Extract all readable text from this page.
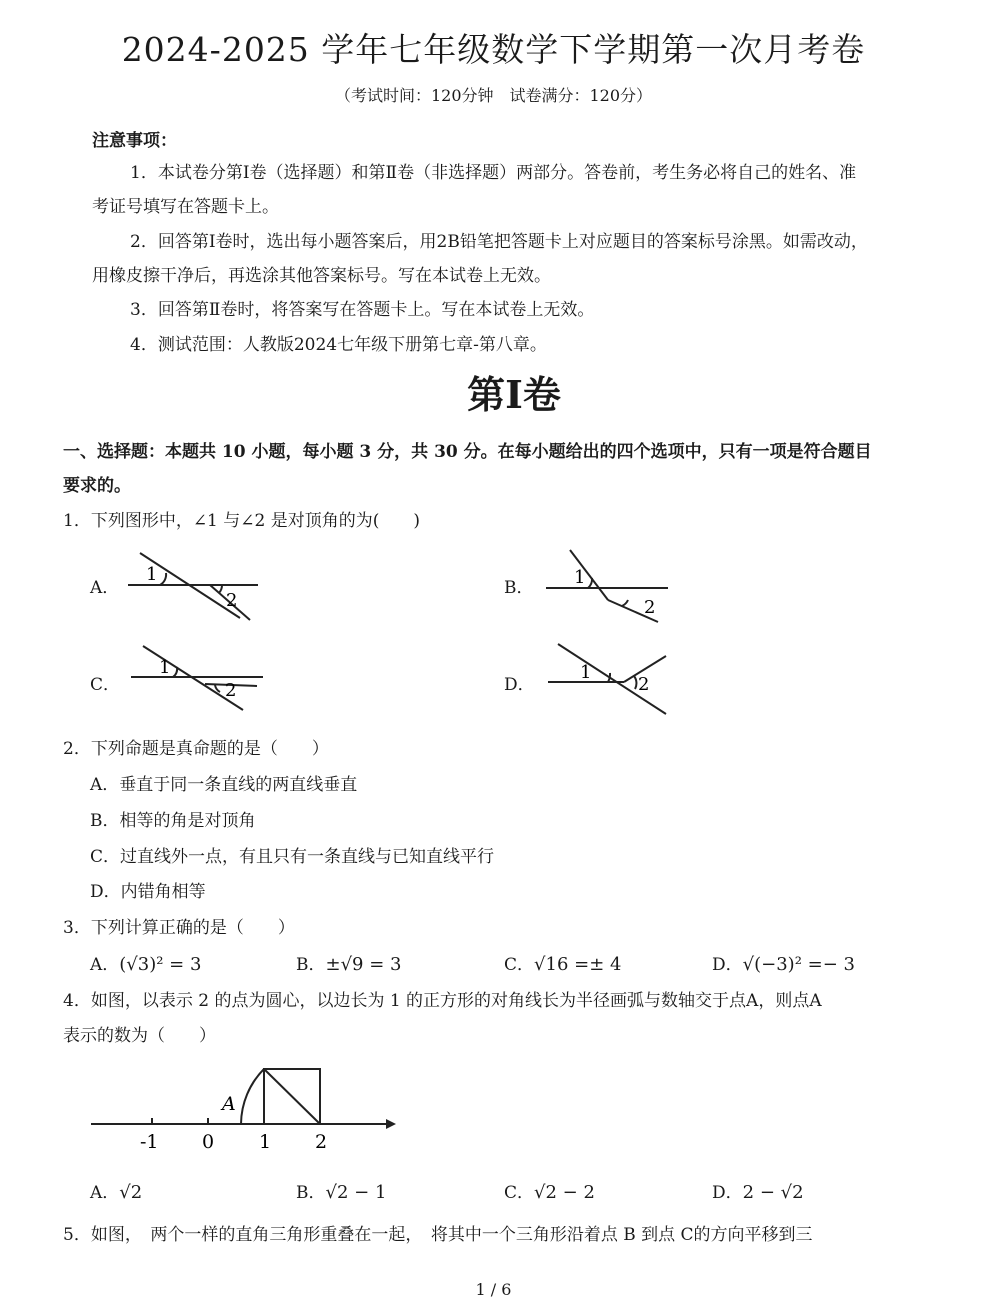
2024-2025 学年七年级数学下学期第一次月考卷
（考试时间：120分钟　试卷满分：120分）
注意事项：
1．本试卷分第Ⅰ卷（选择题）和第Ⅱ卷（非选择题）两部分。答卷前，考生务必将自己的姓名、准
考证号填写在答题卡上。
2．回答第Ⅰ卷时，选出每小题答案后，用2B铅笔把答题卡上对应题目的答案标号涂黑。如需改动，
用橡皮擦干净后，再选涂其他答案标号。写在本试卷上无效。
3．回答第Ⅱ卷时，将答案写在答题卡上。写在本试卷上无效。
4．测试范围：人教版2024七年级下册第七章-第八章。
第Ⅰ卷
一、选择题：本题共 10 小题，每小题 3 分，共 30 分。在每小题给出的四个选项中，只有一项是符合题目
要求的。
1．下列图形中，∠1 与∠2 是对顶角的为(　　)
A．
1
2
B． 1
2
C．
1
2	D．
1
2
2．下列命题是真命题的是（　　）
A．垂直于同一条直线的两直线垂直
B．相等的角是对顶角
C．过直线外一点，有且只有一条直线与已知直线平行
D．内错角相等
3．下列计算正确的是（　　）
A．(√3)² = 3	B．±√9 = 3	C．√16 =± 4	D．√(−3)² =− 3
4．如图，以表示 2 的点为圆心，以边长为 1 的正方形的对角线长为半径画弧与数轴交于点A，则点A
表示的数为（　　）
A
-1 0 1 2
A．√2	B．√2 − 1	C．√2 − 2	D．2 − √2
5．如图，　两个一样的直角三角形重叠在一起，　将其中一个三角形沿着点 B 到点 C的方向平移到三
1 / 6
